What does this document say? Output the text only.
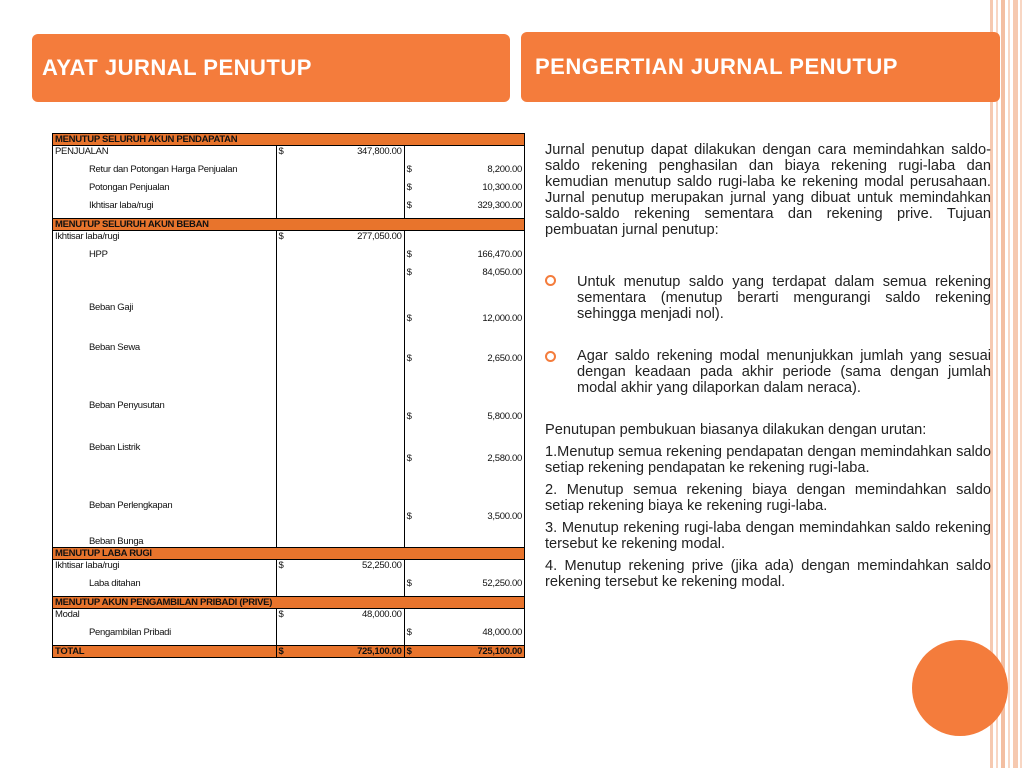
AYAT JURNAL PENUTUP	PENGERTIAN JURNAL PENUTUP
MENUTUP SELURUH AKUN PENDAPATAN		
PENJUALAN	$ 347,800.00	

Retur dan Potongan Harga Penjualan		$ 8,200.00

Potongan Penjualan		$ 10,300.00

Ikhtisar laba/rugi		$ 329,300.00

MENUTUP SELURUH AKUN BEBAN		
Ikhtisar laba/rugi	$ 277,050.00	

HPP		$ 166,470.00

Beban Gaji		$ 84,050.00

Beban Sewa		$ 12,000.00

Beban Penyusutan		$ 2,650.00

Beban Listrik		$ 5,800.00

Beban Perlengkapan		$ 2,580.00

Beban Bunga		$ 3,500.00

MENUTUP LABA RUGI		
Ikhtisar laba/rugi	$ 52,250.00	

Laba ditahan		$ 52,250.00

MENUTUP AKUN PENGAMBILAN PRIBADI (PRIVE)		
Modal	$ 48,000.00	

Pengambilan Pribadi		$ 48,000.00

TOTAL	$ 725,100.00	$ 725,100.00

Jurnal penutup dapat dilakukan dengan cara memindahkan saldo-saldo rekening penghasilan dan biaya rekening rugi-laba dan kemudian menutup saldo rugi-laba ke rekening modal perusahaan. Jurnal penutup merupakan jurnal yang dibuat untuk memindahkan saldo-saldo rekening sementara dan rekening prive. Tujuan pembuatan jurnal penutup:

Untuk menutup saldo yang terdapat dalam semua rekening sementara (menutup berarti mengurangi saldo rekening sehingga menjadi nol).

Agar saldo rekening modal menunjukkan jumlah yang sesuai dengan keadaan pada akhir periode (sama dengan jumlah modal akhir yang dilaporkan dalam neraca).

Penutupan pembukuan biasanya dilakukan dengan urutan:

1.Menutup semua rekening pendapatan dengan memindahkan saldo setiap rekening pendapatan ke rekening rugi-laba.

2. Menutup semua rekening biaya dengan memindahkan saldo setiap rekening biaya ke rekening rugi-laba.

3. Menutup rekening rugi-laba dengan memindahkan saldo rekening tersebut ke rekening modal.

4. Menutup rekening prive (jika ada) dengan memindahkan saldo rekening tersebut ke rekening modal.
